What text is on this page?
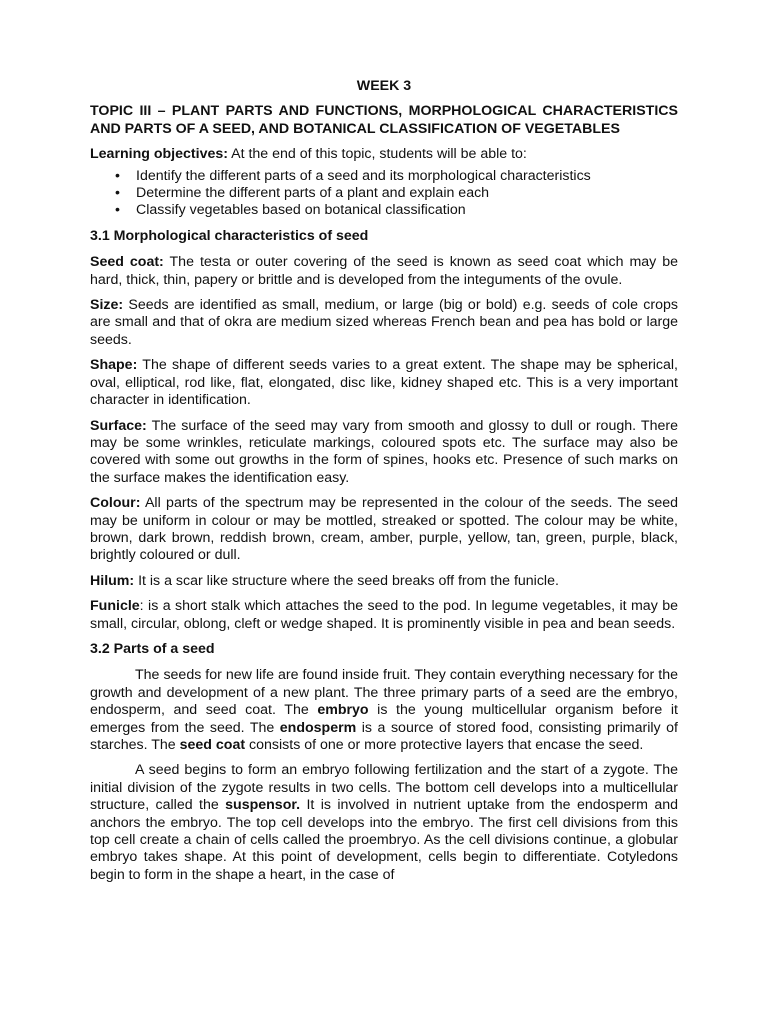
WEEK 3
TOPIC III – PLANT PARTS AND FUNCTIONS, MORPHOLOGICAL CHARACTERISTICS AND PARTS OF A SEED, AND BOTANICAL CLASSIFICATION OF VEGETABLES

Learning objectives: At the end of this topic, students will be able to:

• Identify the different parts of a seed and its morphological characteristics
• Determine the different parts of a plant and explain each
• Classify vegetables based on botanical classification
3.1 Morphological characteristics of seed

Seed coat: The testa or outer covering of the seed is known as seed coat which may be hard, thick, thin, papery or brittle and is developed from the integuments of the ovule.

Size: Seeds are identified as small, medium, or large (big or bold) e.g. seeds of cole crops are small and that of okra are medium sized whereas French bean and pea has bold or large seeds.

Shape: The shape of different seeds varies to a great extent. The shape may be spherical, oval, elliptical, rod like, flat, elongated, disc like, kidney shaped etc. This is a very important character in identification.

Surface: The surface of the seed may vary from smooth and glossy to dull or rough. There may be some wrinkles, reticulate markings, coloured spots etc. The surface may also be covered with some out growths in the form of spines, hooks etc. Presence of such marks on the surface makes the identification easy.

Colour: All parts of the spectrum may be represented in the colour of the seeds. The seed may be uniform in colour or may be mottled, streaked or spotted. The colour may be white, brown, dark brown, reddish brown, cream, amber, purple, yellow, tan, green, purple, black, brightly coloured or dull.

Hilum: It is a scar like structure where the seed breaks off from the funicle.

Funicle: is a short stalk which attaches the seed to the pod. In legume vegetables, it may be small, circular, oblong, cleft or wedge shaped. It is prominently visible in pea and bean seeds.

3.2 Parts of a seed

The seeds for new life are found inside fruit. They contain everything necessary for the growth and development of a new plant. The three primary parts of a seed are the embryo, endosperm, and seed coat. The embryo is the young multicellular organism before it emerges from the seed. The endosperm is a source of stored food, consisting primarily of starches. The seed coat consists of one or more protective layers that encase the seed.

A seed begins to form an embryo following fertilization and the start of a zygote. The initial division of the zygote results in two cells. The bottom cell develops into a multicellular structure, called the suspensor. It is involved in nutrient uptake from the endosperm and anchors the embryo. The top cell develops into the embryo. The first cell divisions from this top cell create a chain of cells called the proembryo. As the cell divisions continue, a globular embryo takes shape. At this point of development, cells begin to differentiate. Cotyledons begin to form in the shape a heart, in the case of
